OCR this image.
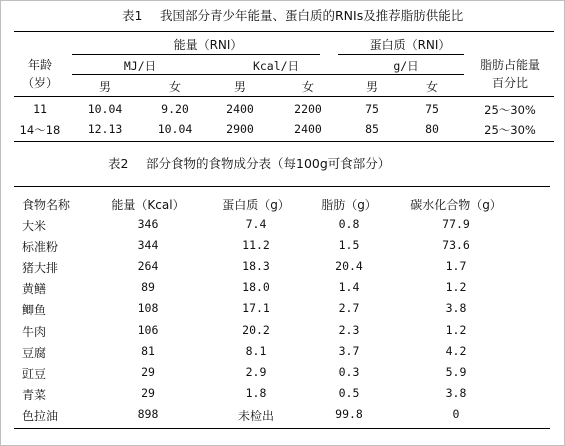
表1 我国部分青少年能量、蛋白质的RNIs及推荐脂肪供能比
年龄
（岁）
能量（RNI）	蛋白质（RNI）
脂肪占能量
百分比
MJ/日	Kcal/日	g/日
男	女	男	女	男	女
11	10.04	9.20	2400	2200	75	75	25～30%
14～18 12.13	10.04	2900	2400	85	80	25～30%
表2 部分食物的食物成分表（每100g可食部分）
食物名称	能量（Kcal）	蛋白质（g）	脂肪（g）	碳水化合物（g）
大米	346	7.4	0.8	77.9
标准粉	344	11.2	1.5	73.6
猪大排	264	18.3	20.4	1.7
黄鳝	89	18.0	1.4	1.2
鲫鱼	108	17.1	2.7	3.8
牛肉	106	20.2	2.3	1.2
豆腐	81	8.1	3.7	4.2
豇豆	29	2.9	0.3	5.9
青菜	29	1.8	0.5	3.8
色拉油	898	未检出	99.8	0
